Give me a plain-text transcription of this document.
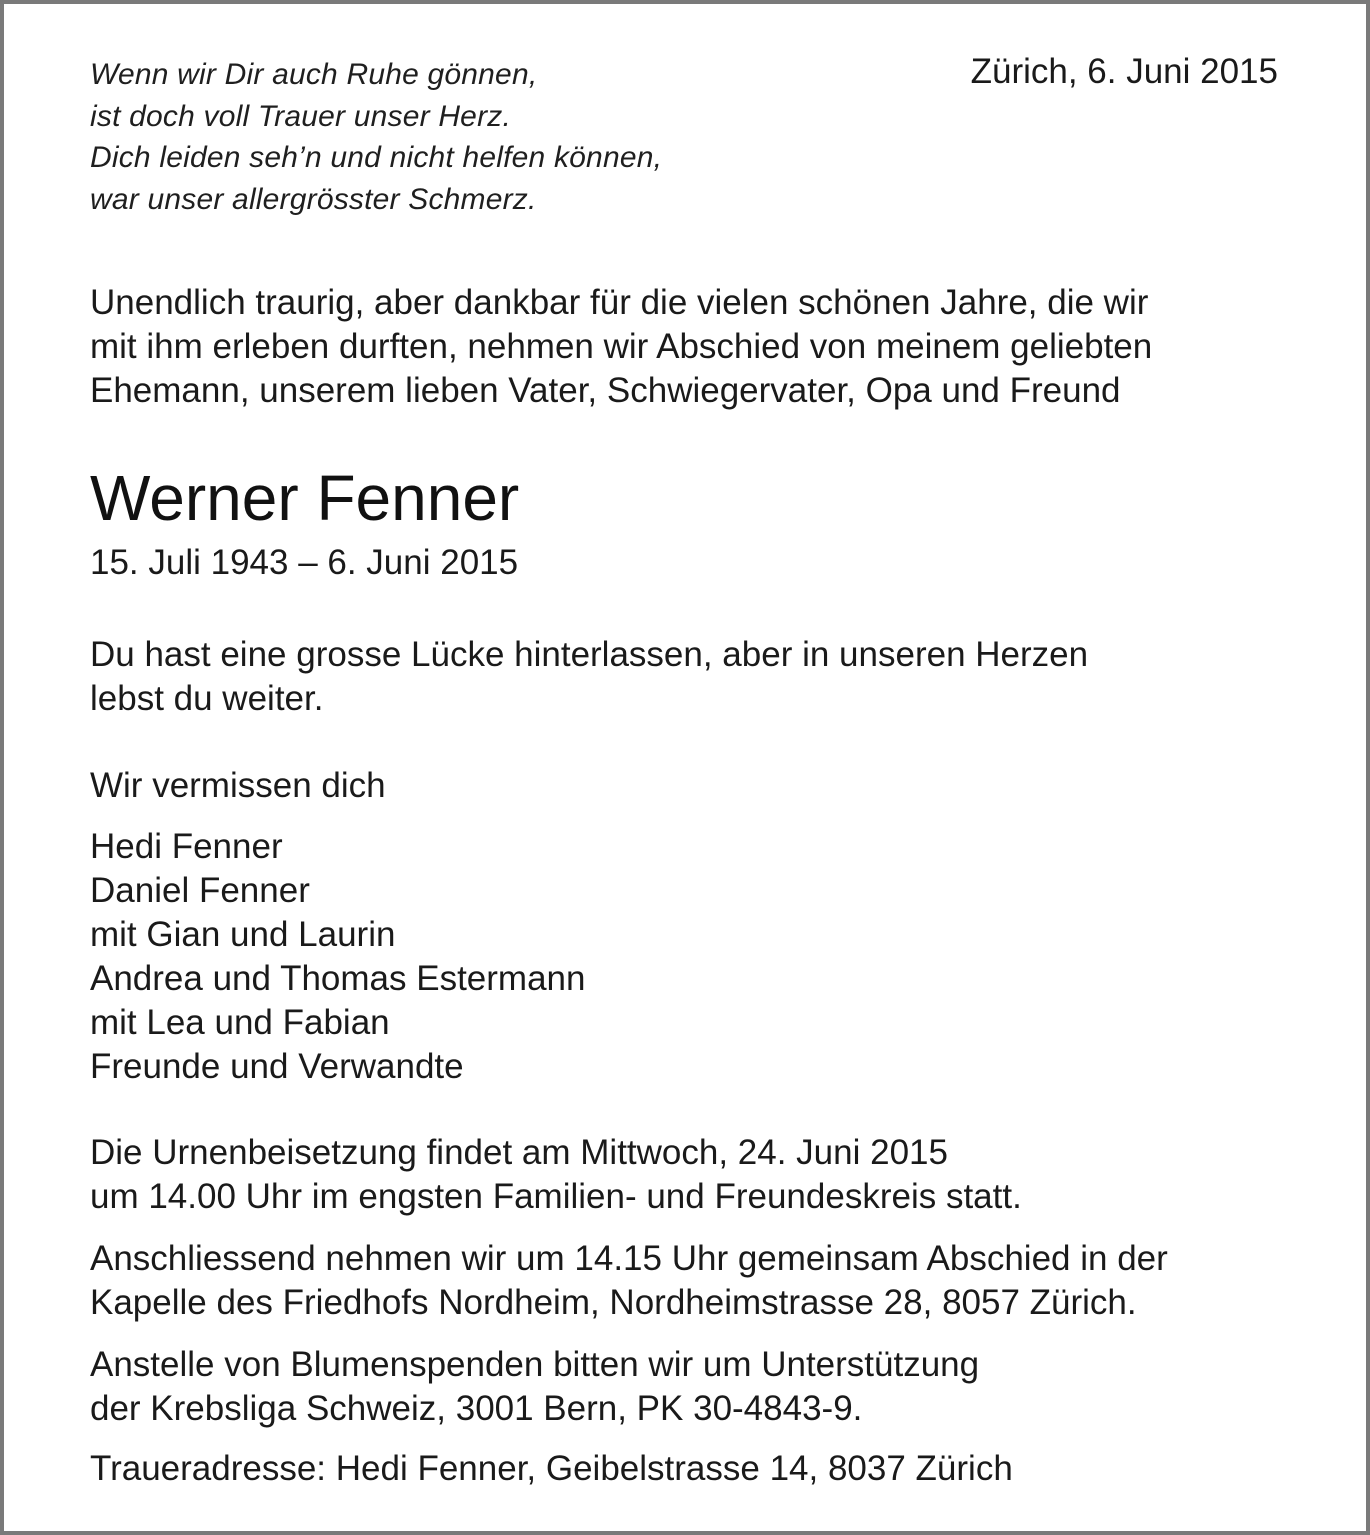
Wenn wir Dir auch Ruhe gönnen,
ist doch voll Trauer unser Herz.
Dich leiden seh’n und nicht helfen können,
war unser allergrösster Schmerz.
Zürich, 6. Juni 2015
Unendlich traurig, aber dankbar für die vielen schönen Jahre, die wir
mit ihm erleben durften, nehmen wir Abschied von meinem geliebten
Ehemann, unserem lieben Vater, Schwiegervater, Opa und Freund
Werner Fenner
15. Juli 1943 – 6. Juni 2015
Du hast eine grosse Lücke hinterlassen, aber in unseren Herzen
lebst du weiter.
Wir vermissen dich
Hedi Fenner
Daniel Fenner
mit Gian und Laurin
Andrea und Thomas Estermann
mit Lea und Fabian
Freunde und Verwandte
Die Urnenbeisetzung findet am Mittwoch, 24. Juni 2015
um 14.00 Uhr im engsten Familien- und Freundeskreis statt.
Anschliessend nehmen wir um 14.15 Uhr gemeinsam Abschied in der
Kapelle des Friedhofs Nordheim, Nordheimstrasse 28, 8057 Zürich.
Anstelle von Blumenspenden bitten wir um Unterstützung
der Krebsliga Schweiz, 3001 Bern, PK 30-4843-9.
Traueradresse: Hedi Fenner, Geibelstrasse 14, 8037 Zürich
